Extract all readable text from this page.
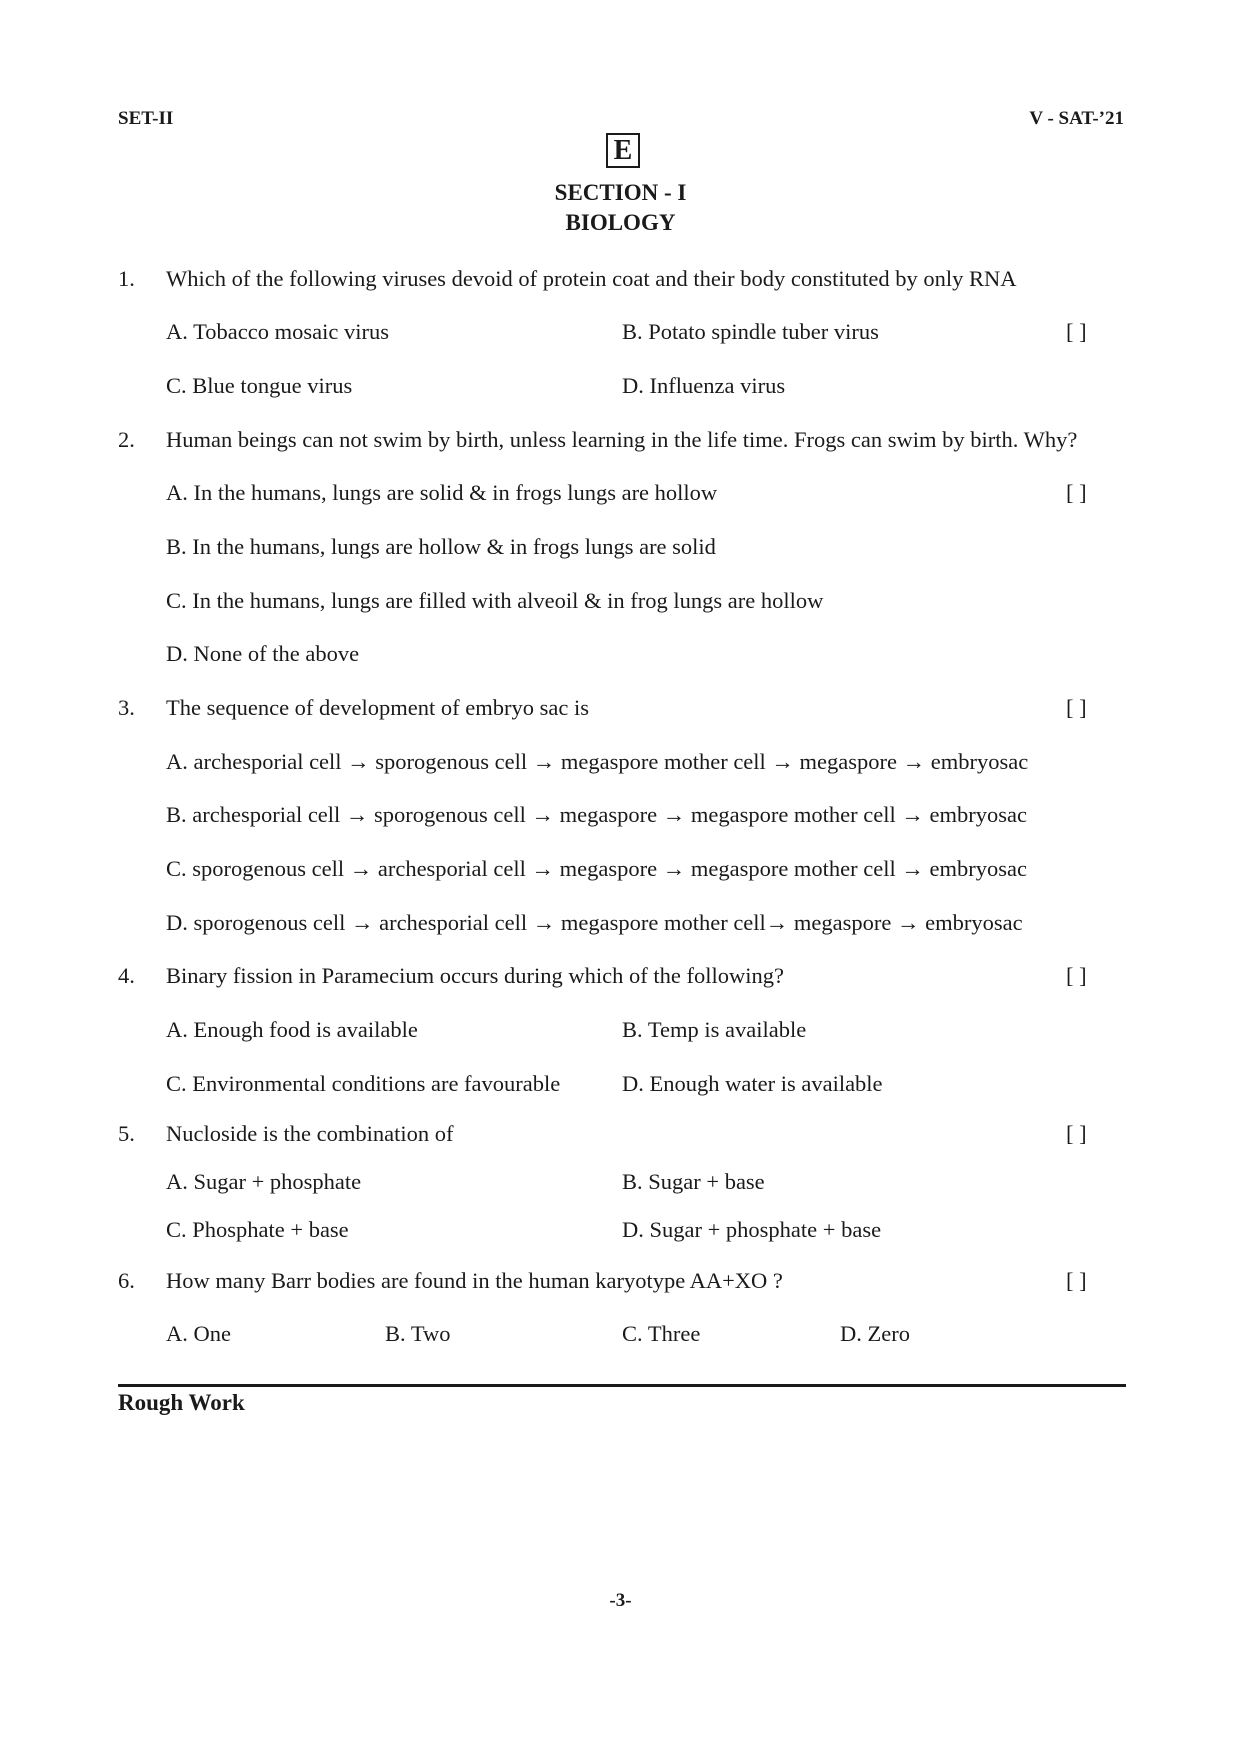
SET-II	V - SAT-’21
E
SECTION - I
BIOLOGY
1. Which of the following viruses devoid of protein coat and their body constituted by only RNA
A. Tobacco mosaic virus	B. Potato spindle tuber virus	[ ]
C. Blue tongue virus	D. Influenza virus
2. Human beings can not swim by birth, unless learning in the life time. Frogs can swim by birth. Why?
A. In the humans, lungs are solid & in frogs lungs are hollow	[ ]
B. In the humans, lungs are hollow & in frogs lungs are solid
C. In the humans, lungs are filled with alveoil & in frog lungs are hollow
D. None of the above
3. The sequence of development of embryo sac is	[ ]
A. archesporial cell → sporogenous cell → megaspore mother cell → megaspore → embryosac
B. archesporial cell → sporogenous cell → megaspore → megaspore mother cell → embryosac
C. sporogenous cell → archesporial cell → megaspore → megaspore mother cell → embryosac
D. sporogenous cell → archesporial cell → megaspore mother cell→ megaspore → embryosac
4. Binary fission in Paramecium occurs during which of the following?	[ ]
A. Enough food is available	B. Temp is available
C. Environmental conditions are favourable	D. Enough water is available
5. Nucloside is the combination of	[ ]
A. Sugar + phosphate	B. Sugar + base
C. Phosphate + base	D. Sugar + phosphate + base
6. How many Barr bodies are found in the human karyotype AA+XO ?	[ ]
A. One	B. Two	C. Three	D. Zero
Rough Work
-3-
